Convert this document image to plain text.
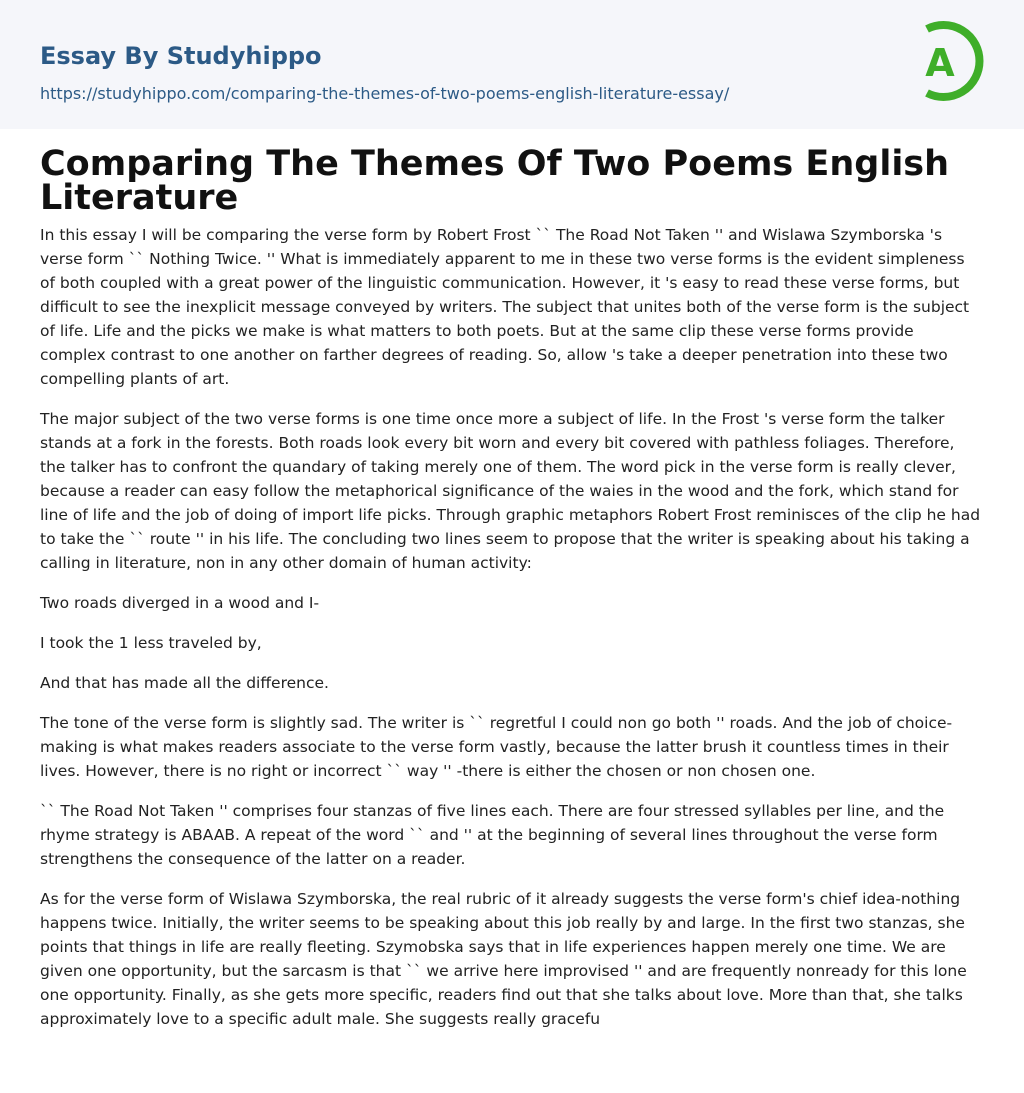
Essay By Studyhippo
https://studyhippo.com/comparing-the-themes-of-two-poems-english-literature-essay/
A
Comparing The Themes Of Two Poems English Literature

In this essay I will be comparing the verse form by Robert Frost `` The Road Not Taken '' and Wislawa Szymborska 's verse form `` Nothing Twice. '' What is immediately apparent to me in these two verse forms is the evident simpleness of both coupled with a great power of the linguistic communication. However, it 's easy to read these verse forms, but difficult to see the inexplicit message conveyed by writers. The subject that unites both of the verse form is the subject of life. Life and the picks we make is what matters to both poets. But at the same clip these verse forms provide complex contrast to one another on farther degrees of reading. So, allow 's take a deeper penetration into these two compelling plants of art.

The major subject of the two verse forms is one time once more a subject of life. In the Frost 's verse form the talker stands at a fork in the forests. Both roads look every bit worn and every bit covered with pathless foliages. Therefore, the talker has to confront the quandary of taking merely one of them. The word pick in the verse form is really clever, because a reader can easy follow the metaphorical significance of the waies in the wood and the fork, which stand for line of life and the job of doing of import life picks. Through graphic metaphors Robert Frost reminisces of the clip he had to take the `` route '' in his life. The concluding two lines seem to propose that the writer is speaking about his taking a calling in literature, non in any other domain of human activity:

Two roads diverged in a wood and I-

I took the 1 less traveled by,

And that has made all the difference.

The tone of the verse form is slightly sad. The writer is `` regretful I could non go both '' roads. And the job of choice-making is what makes readers associate to the verse form vastly, because the latter brush it countless times in their lives. However, there is no right or incorrect `` way '' -there is either the chosen or non chosen one.

`` The Road Not Taken '' comprises four stanzas of five lines each. There are four stressed syllables per line, and the rhyme strategy is ABAAB. A repeat of the word `` and '' at the beginning of several lines throughout the verse form strengthens the consequence of the latter on a reader.

As for the verse form of Wislawa Szymborska, the real rubric of it already suggests the verse form's chief idea-nothing happens twice. Initially, the writer seems to be speaking about this job really by and large. In the first two stanzas, she points that things in life are really fleeting. Szymobska says that in life experiences happen merely one time. We are given one opportunity, but the sarcasm is that `` we arrive here improvised '' and are frequently nonready for this lone one opportunity. Finally, as she gets more specific, readers find out that she talks about love. More than that, she talks approximately love to a specific adult male. She suggests really gracefu
